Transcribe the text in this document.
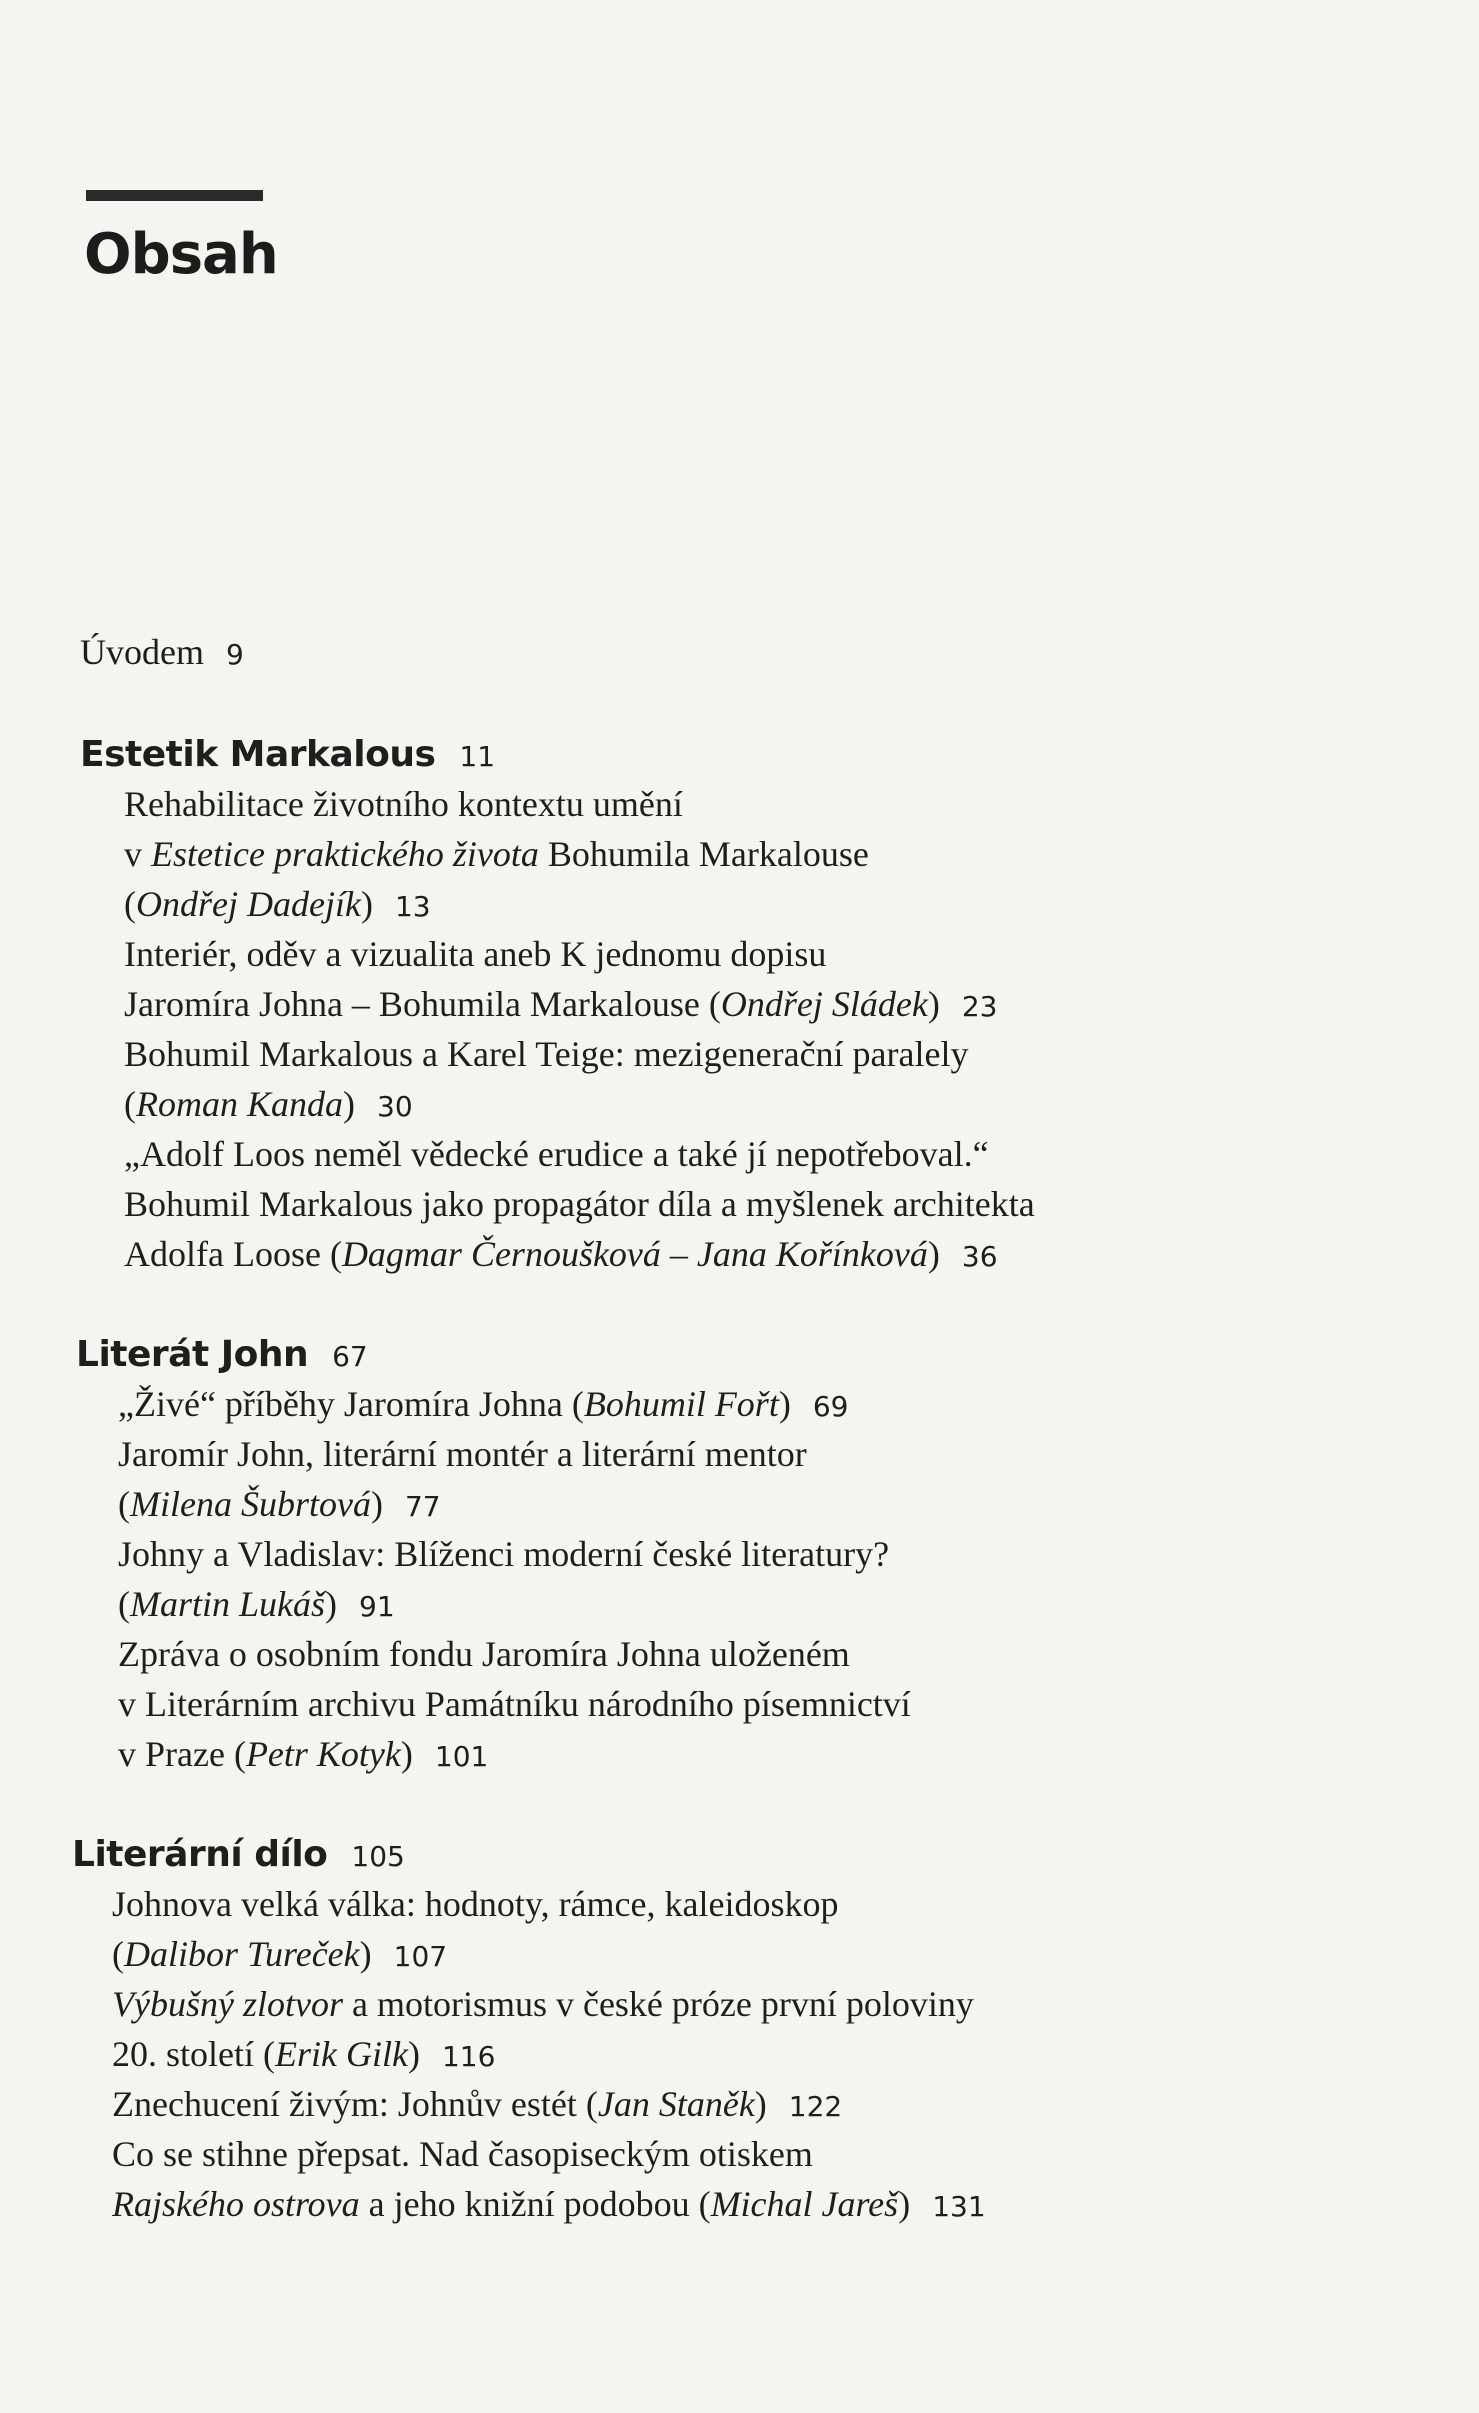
Obsah
Úvodem 9
Estetik Markalous 11
Rehabilitace životního kontextu umění
v Estetice praktického života Bohumila Markalouse
(Ondřej Dadejík) 13
Interiér, oděv a vizualita aneb K jednomu dopisu
Jaromíra Johna – Bohumila Markalouse (Ondřej Sládek) 23
Bohumil Markalous a Karel Teige: mezigenerační paralely
(Roman Kanda) 30
„Adolf Loos neměl vědecké erudice a také jí nepotřeboval.“
Bohumil Markalous jako propagátor díla a myšlenek architekta
Adolfa Loose (Dagmar Černoušková – Jana Kořínková) 36
Literát John 67
„Živé“ příběhy Jaromíra Johna (Bohumil Fořt) 69
Jaromír John, literární montér a literární mentor
(Milena Šubrtová) 77
Johny a Vladislav: Blíženci moderní české literatury?
(Martin Lukáš) 91
Zpráva o osobním fondu Jaromíra Johna uloženém
v Literárním archivu Památníku národního písemnictví
v Praze (Petr Kotyk) 101
Literární dílo 105
Johnova velká válka: hodnoty, rámce, kaleidoskop
(Dalibor Tureček) 107
Výbušný zlotvor a motorismus v české próze první poloviny
20. století (Erik Gilk) 116
Znechucení živým: Johnův estét (Jan Staněk) 122
Co se stihne přepsat. Nad časopiseckým otiskem
Rajského ostrova a jeho knižní podobou (Michal Jareš) 131
